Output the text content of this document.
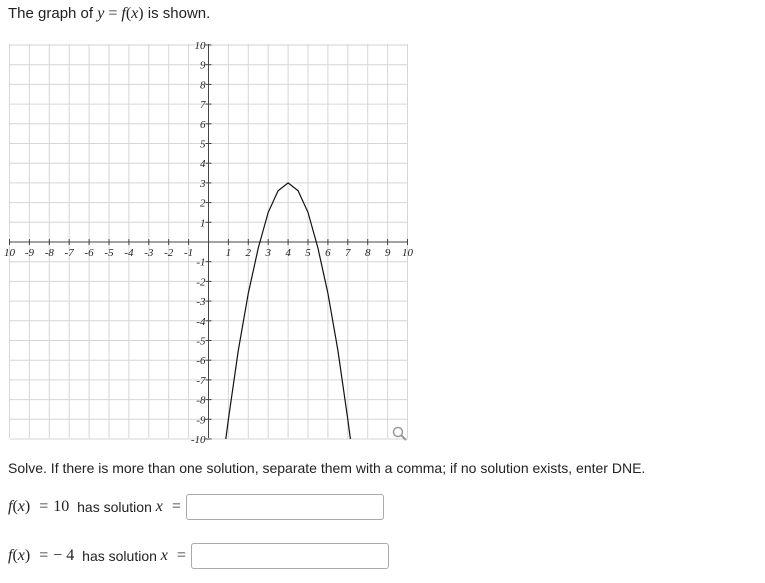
The graph of y = f(x) is shown.
10 -9 -8 -7 -6 -5 -4 -3 -2 -1	1 2 3 4 5 6 7 8 9 10
10
9
8
7
6
5
4
3
2
1
-1
-2
-3
-4
-5
-6
-7
-8
-9
-10
Solve. If there is more than one solution, separate them with a comma; if no solution exists, enter DNE.
f(x) = 10
has solution
x =
f(x) = − 4
has solution
x =
